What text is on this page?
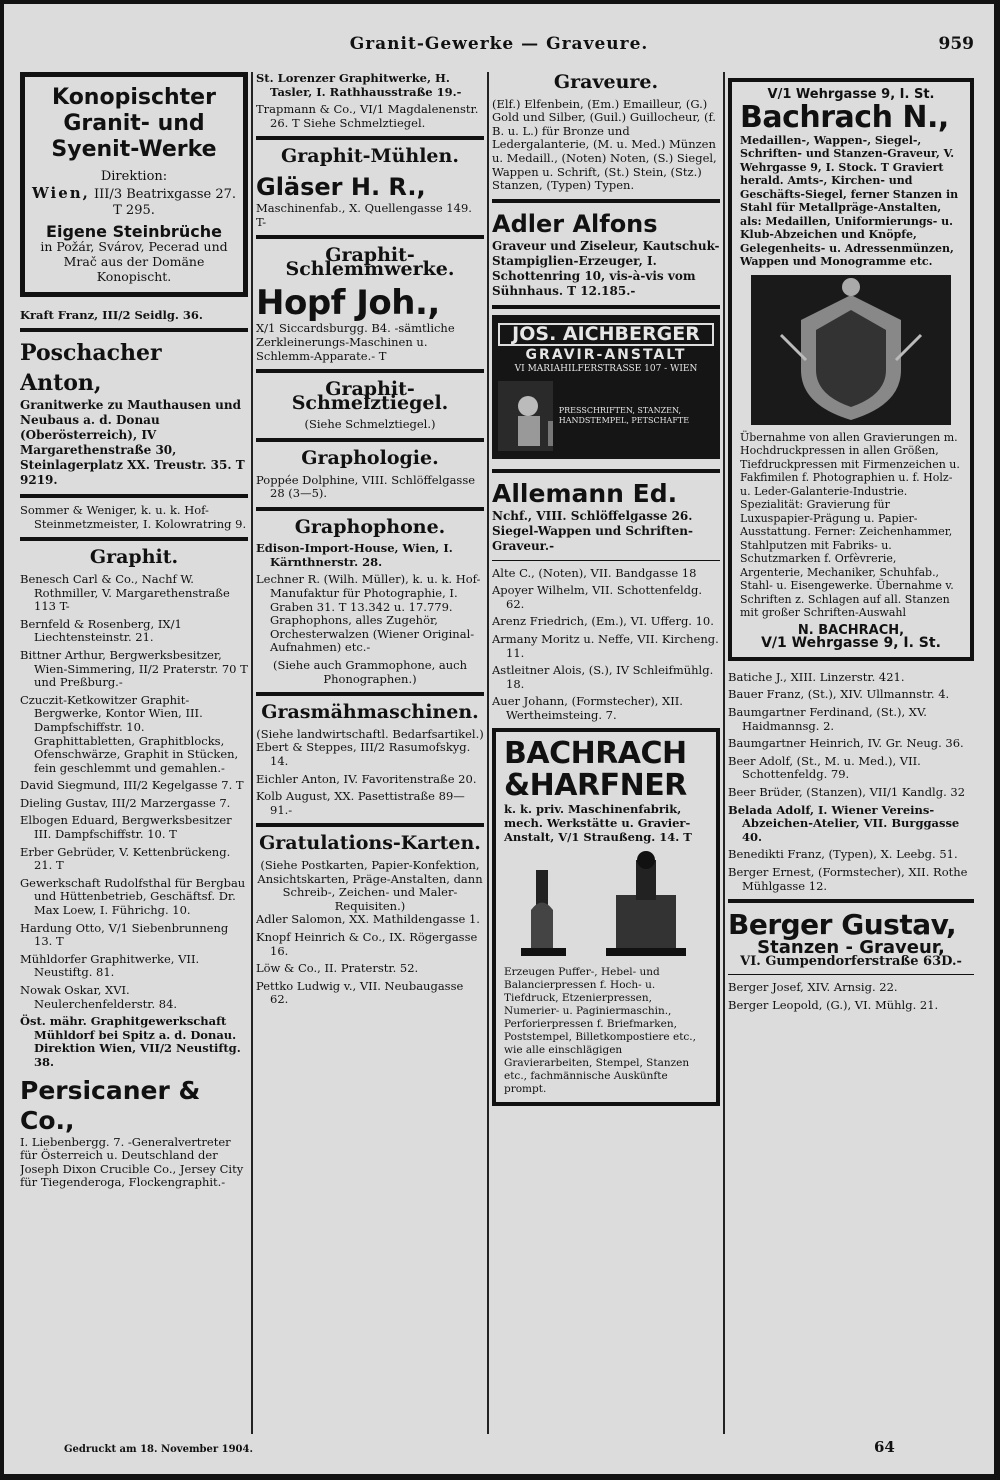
Granit-Gewerke — Graveure.	959
Konopischter Granit- und Syenit-Werke
Direktion:
Wien, III/3 Beatrixgasse 27. T 295.
Eigene Steinbrüche
in Požár, Svárov, Pecerad und Mrač aus der Domäne Konopischt.
Kraft Franz, III/2 Seidlg. 36.
Poschacher Anton,
Granitwerke zu Mauthausen und Neubaus a. d. Donau (Oberösterreich), IV Margarethenstraße 30, Steinlagerplatz XX. Treustr. 35. T 9219.
Sommer & Weniger, k. u. k. Hof-Steinmetzmeister, I. Kolowratring 9.
Graphit.
Benesch Carl & Co., Nachf W. Rothmiller, V. Margarethenstraße 113 T-
Bernfeld & Rosenberg, IX/1 Liechtensteinstr. 21.
Bittner Arthur, Bergwerksbesitzer, Wien-Simmering, II/2 Praterstr. 70 T und Preßburg.-
Czuczit-Ketkowitzer Graphit-Bergwerke, Kontor Wien, III. Dampfschiffstr. 10. Graphittabletten, Graphitblocks, Ofenschwärze, Graphit in Stücken, fein geschlemmt und gemahlen.-
David Siegmund, III/2 Kegelgasse 7. T
Dieling Gustav, III/2 Marzergasse 7.
Elbogen Eduard, Bergwerksbesitzer III. Dampfschiffstr. 10. T
Erber Gebrüder, V. Kettenbrückeng. 21. T
Gewerkschaft Rudolfsthal für Bergbau und Hüttenbetrieb, Geschäftsf. Dr. Max Loew, I. Führichg. 10.
Hardung Otto, V/1 Siebenbrunneng 13. T
Mühldorfer Graphitwerke, VII. Neustiftg. 81.
Nowak Oskar, XVI. Neulerchenfelderstr. 84.
Öst. mähr. Graphitgewerkschaft Mühldorf bei Spitz a. d. Donau. Direktion Wien, VII/2 Neustiftg. 38.
Persicaner & Co.,
I. Liebenbergg. 7. -Generalvertreter für Österreich u. Deutschland der Joseph Dixon Crucible Co., Jersey City für Tiegenderoga, Flockengraphit.-
St. Lorenzer Graphitwerke, H. Tasler, I. Rathhausstraße 19.-
Trapmann & Co., VI/1 Magdalenenstr. 26. T Siehe Schmelztiegel.
Graphit-Mühlen.
Gläser H. R.,
Maschinenfab., X. Quellengasse 149. T-
Graphit-Schlemmwerke.
Hopf Joh.,
X/1 Siccardsburgg. B4. -sämtliche Zerkleinerungs-Maschinen u. Schlemm-Apparate.- T
Graphit-Schmelztiegel.
(Siehe Schmelztiegel.)
Graphologie.
Poppée Dolphine, VIII. Schlöffelgasse 28 (3—5).
Graphophone.
Edison-Import-House, Wien, I. Kärnthnerstr. 28.
Lechner R. (Wilh. Müller), k. u. k. Hof-Manufaktur für Photographie, I. Graben 31. T 13.342 u. 17.779. Graphophons, alles Zugehör, Orchesterwalzen (Wiener Original-Aufnahmen) etc.-
(Siehe auch Grammophone, auch Phonographen.)
Grasmähmaschinen.
(Siehe landwirtschaftl. Bedarfsartikel.)
Ebert & Steppes, III/2 Rasumofskyg. 14.
Eichler Anton, IV. Favoritenstraße 20.
Kolb August, XX. Pasettistraße 89—91.-
Gratulations-Karten.
(Siehe Postkarten, Papier-Konfektion, Ansichtskarten, Präge-Anstalten, dann Schreib-, Zeichen- und Maler-Requisiten.)
Adler Salomon, XX. Mathildengasse 1.
Knopf Heinrich & Co., IX. Rögergasse 16.
Löw & Co., II. Praterstr. 52.
Pettko Ludwig v., VII. Neubaugasse 62.
Graveure.
(Elf.) Elfenbein, (Em.) Emailleur, (G.) Gold und Silber, (Guil.) Guillocheur, (f. B. u. L.) für Bronze und Ledergalanterie, (M. u. Med.) Münzen u. Medaill., (Noten) Noten, (S.) Siegel, Wappen u. Schrift, (St.) Stein, (Stz.) Stanzen, (Typen) Typen.
Adler Alfons
Graveur und Ziseleur, Kautschuk-Stampiglien-Erzeuger, I. Schottenring 10, vis-à-vis vom Sühnhaus. T 12.185.-
JOS. AICHBERGER
GRAVIR-ANSTALT
VI MARIAHILFERSTRASSE 107 - WIEN
PRESSCHRIFTEN, STANZEN, HANDSTEMPEL, PETSCHAFTE
Allemann Ed.
Nchf., VIII. Schlöffelgasse 26. Siegel-Wappen und Schriften-Graveur.-
Alte C., (Noten), VII. Bandgasse 18
Apoyer Wilhelm, VII. Schottenfeldg. 62.
Arenz Friedrich, (Em.), VI. Ufferg. 10.
Armany Moritz u. Neffe, VII. Kircheng. 11.
Astleitner Alois, (S.), IV Schleifmühlg. 18.
Auer Johann, (Formstecher), XII. Wertheimsteing. 7.
BACHRACH
&HARFNER
k. k. priv. Maschinenfabrik, mech. Werkstätte u. Gravier-Anstalt, V/1 Straußeng. 14. T
Erzeugen Puffer-, Hebel- und Balancierpressen f. Hoch- u. Tiefdruck, Etzenierpressen, Numerier- u. Paginiermaschin., Perforierpressen f. Briefmarken, Poststempel, Billetkompostiere etc., wie alle einschlägigen Gravierarbeiten, Stempel, Stanzen etc., fachmännische Auskünfte prompt.
V/1 Wehrgasse 9, I. St.
Bachrach N.,
Medaillen-, Wappen-, Siegel-, Schriften- und Stanzen-Graveur, V. Wehrgasse 9, I. Stock. T Graviert herald. Amts-, Kirchen- und Geschäfts-Siegel, ferner Stanzen in Stahl für Metallpräge-Anstalten, als: Medaillen, Uniformierungs- u. Klub-Abzeichen und Knöpfe, Gelegenheits- u. Adressenmünzen, Wappen und Monogramme etc.
Übernahme von allen Gravierungen m. Hochdruckpressen in allen Größen, Tiefdruckpressen mit Firmenzeichen u. Fakfimilen f. Photographien u. f. Holz- u. Leder-Galanterie-Industrie. Spezialität: Gravierung für Luxuspapier-Prägung u. Papier-Ausstattung. Ferner: Zeichenhammer, Stahlputzen mit Fabriks- u. Schutzmarken f. Orfèvrerie, Argenterie, Mechaniker, Schuhfab., Stahl- u. Eisengewerke. Übernahme v. Schriften z. Schlagen auf all. Stanzen mit großer Schriften-Auswahl
N. BACHRACH,
V/1 Wehrgasse 9, I. St.
Batiche J., XIII. Linzerstr. 421.
Bauer Franz, (St.), XIV. Ullmannstr. 4.
Baumgartner Ferdinand, (St.), XV. Haidmannsg. 2.
Baumgartner Heinrich, IV. Gr. Neug. 36.
Beer Adolf, (St., M. u. Med.), VII. Schottenfeldg. 79.
Beer Brüder, (Stanzen), VII/1 Kandlg. 32
Belada Adolf, I. Wiener Vereins-Abzeichen-Atelier, VII. Burggasse 40.
Benedikti Franz, (Typen), X. Leebg. 51.
Berger Ernest, (Formstecher), XII. Rothe Mühlgasse 12.
Berger Gustav,
Stanzen - Graveur,
VI. Gumpendorferstraße 63D.-
Berger Josef, XIV. Arnsig. 22.
Berger Leopold, (G.), VI. Mühlg. 21.
Gedruckt am 18. November 1904.	64
